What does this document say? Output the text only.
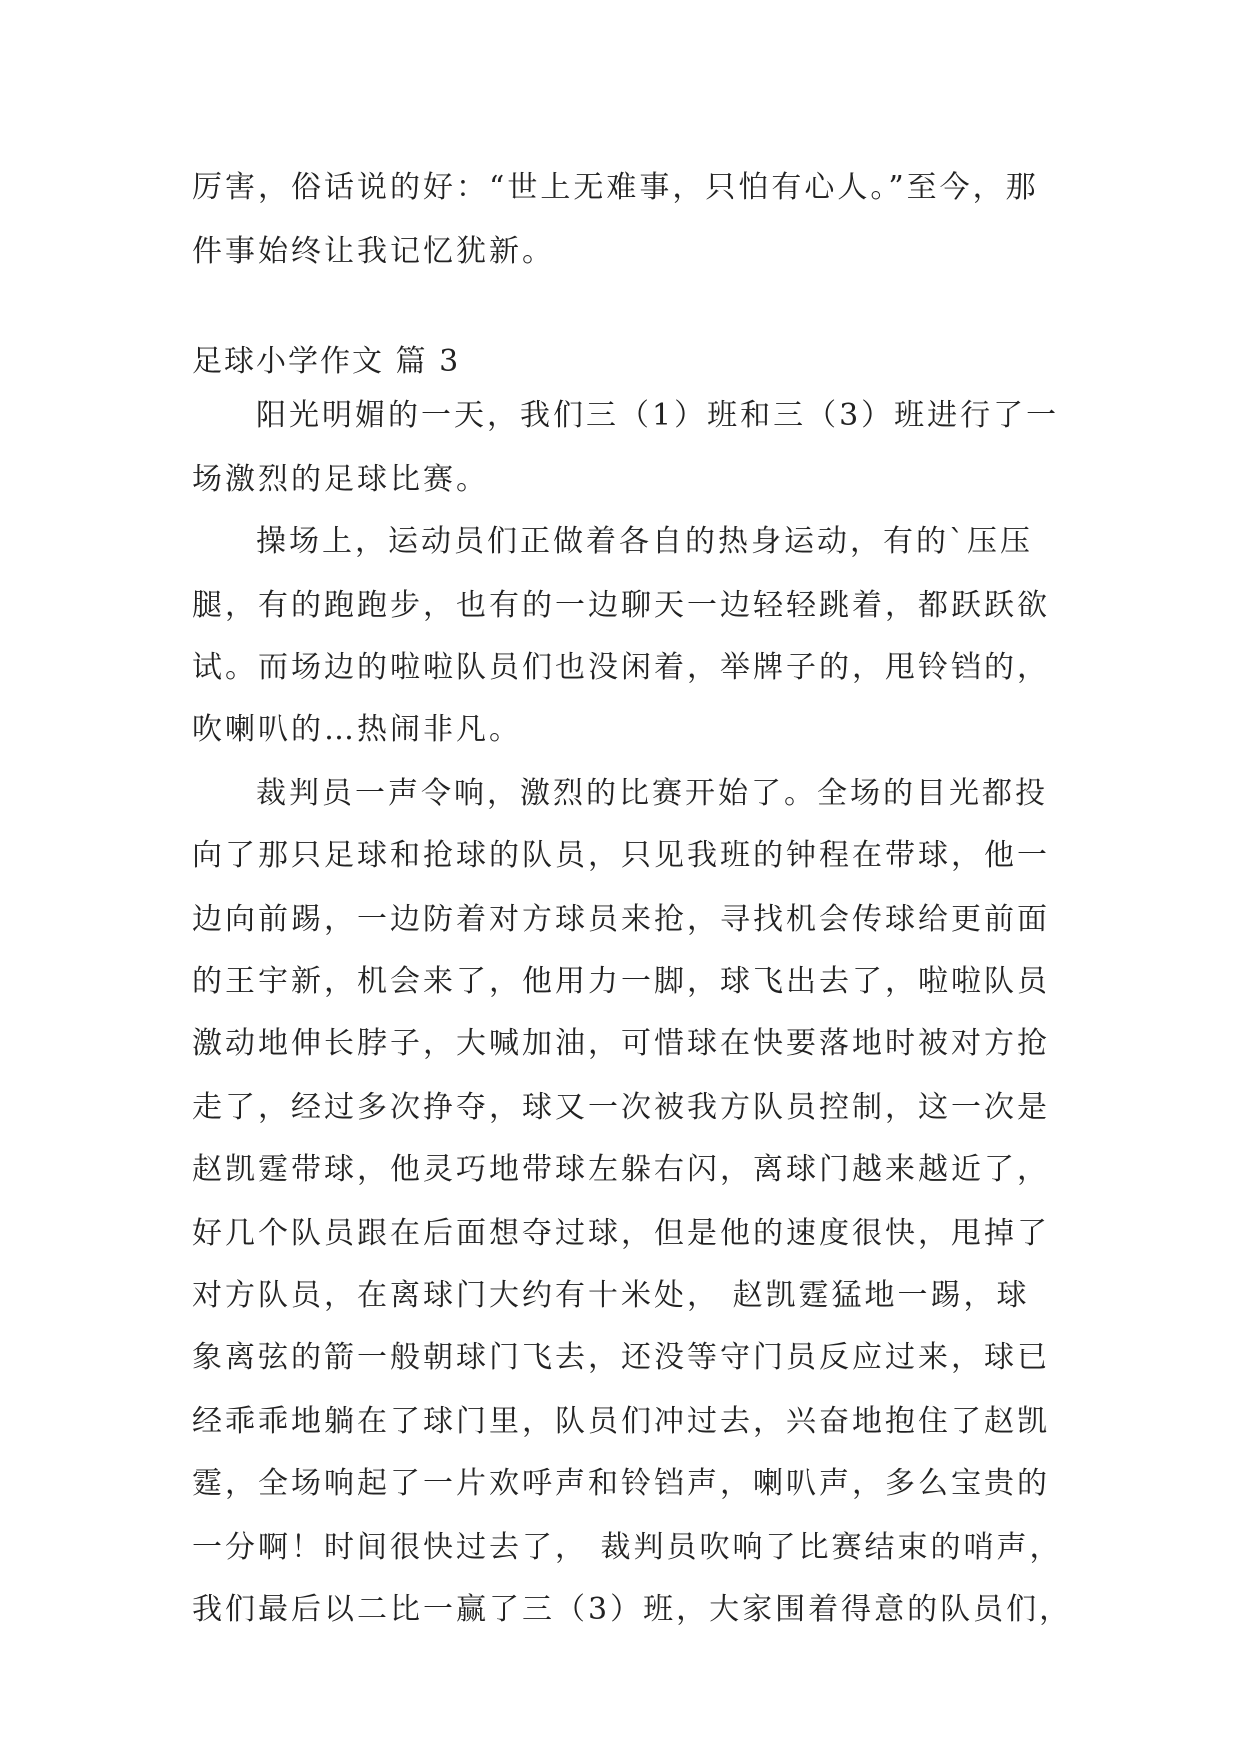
厉害，俗话说的好：“世上无难事，只怕有心人。”至今，那
件事始终让我记忆犹新。
足球小学作文 篇 3
阳光明媚的一天，我们三（1）班和三（3）班进行了一
场激烈的足球比赛。
操场上，运动员们正做着各自的热身运动，有的`压压
腿，有的跑跑步，也有的一边聊天一边轻轻跳着，都跃跃欲
试。而场边的啦啦队员们也没闲着，举牌子的，甩铃铛的，
吹喇叭的…热闹非凡。
裁判员一声令响，激烈的比赛开始了。全场的目光都投
向了那只足球和抢球的队员，只见我班的钟程在带球，他一
边向前踢，一边防着对方球员来抢，寻找机会传球给更前面
的王宇新，机会来了，他用力一脚，球飞出去了，啦啦队员
激动地伸长脖子，大喊加油，可惜球在快要落地时被对方抢
走了，经过多次挣夺，球又一次被我方队员控制，这一次是
赵凯霆带球，他灵巧地带球左躲右闪，离球门越来越近了，
好几个队员跟在后面想夺过球，但是他的速度很快，甩掉了
对方队员，在离球门大约有十米处， 赵凯霆猛地一踢，球
象离弦的箭一般朝球门飞去，还没等守门员反应过来，球已
经乖乖地躺在了球门里，队员们冲过去，兴奋地抱住了赵凯
霆，全场响起了一片欢呼声和铃铛声，喇叭声，多么宝贵的
一分啊！时间很快过去了， 裁判员吹响了比赛结束的哨声，
我们最后以二比一赢了三（3）班，大家围着得意的队员们，
